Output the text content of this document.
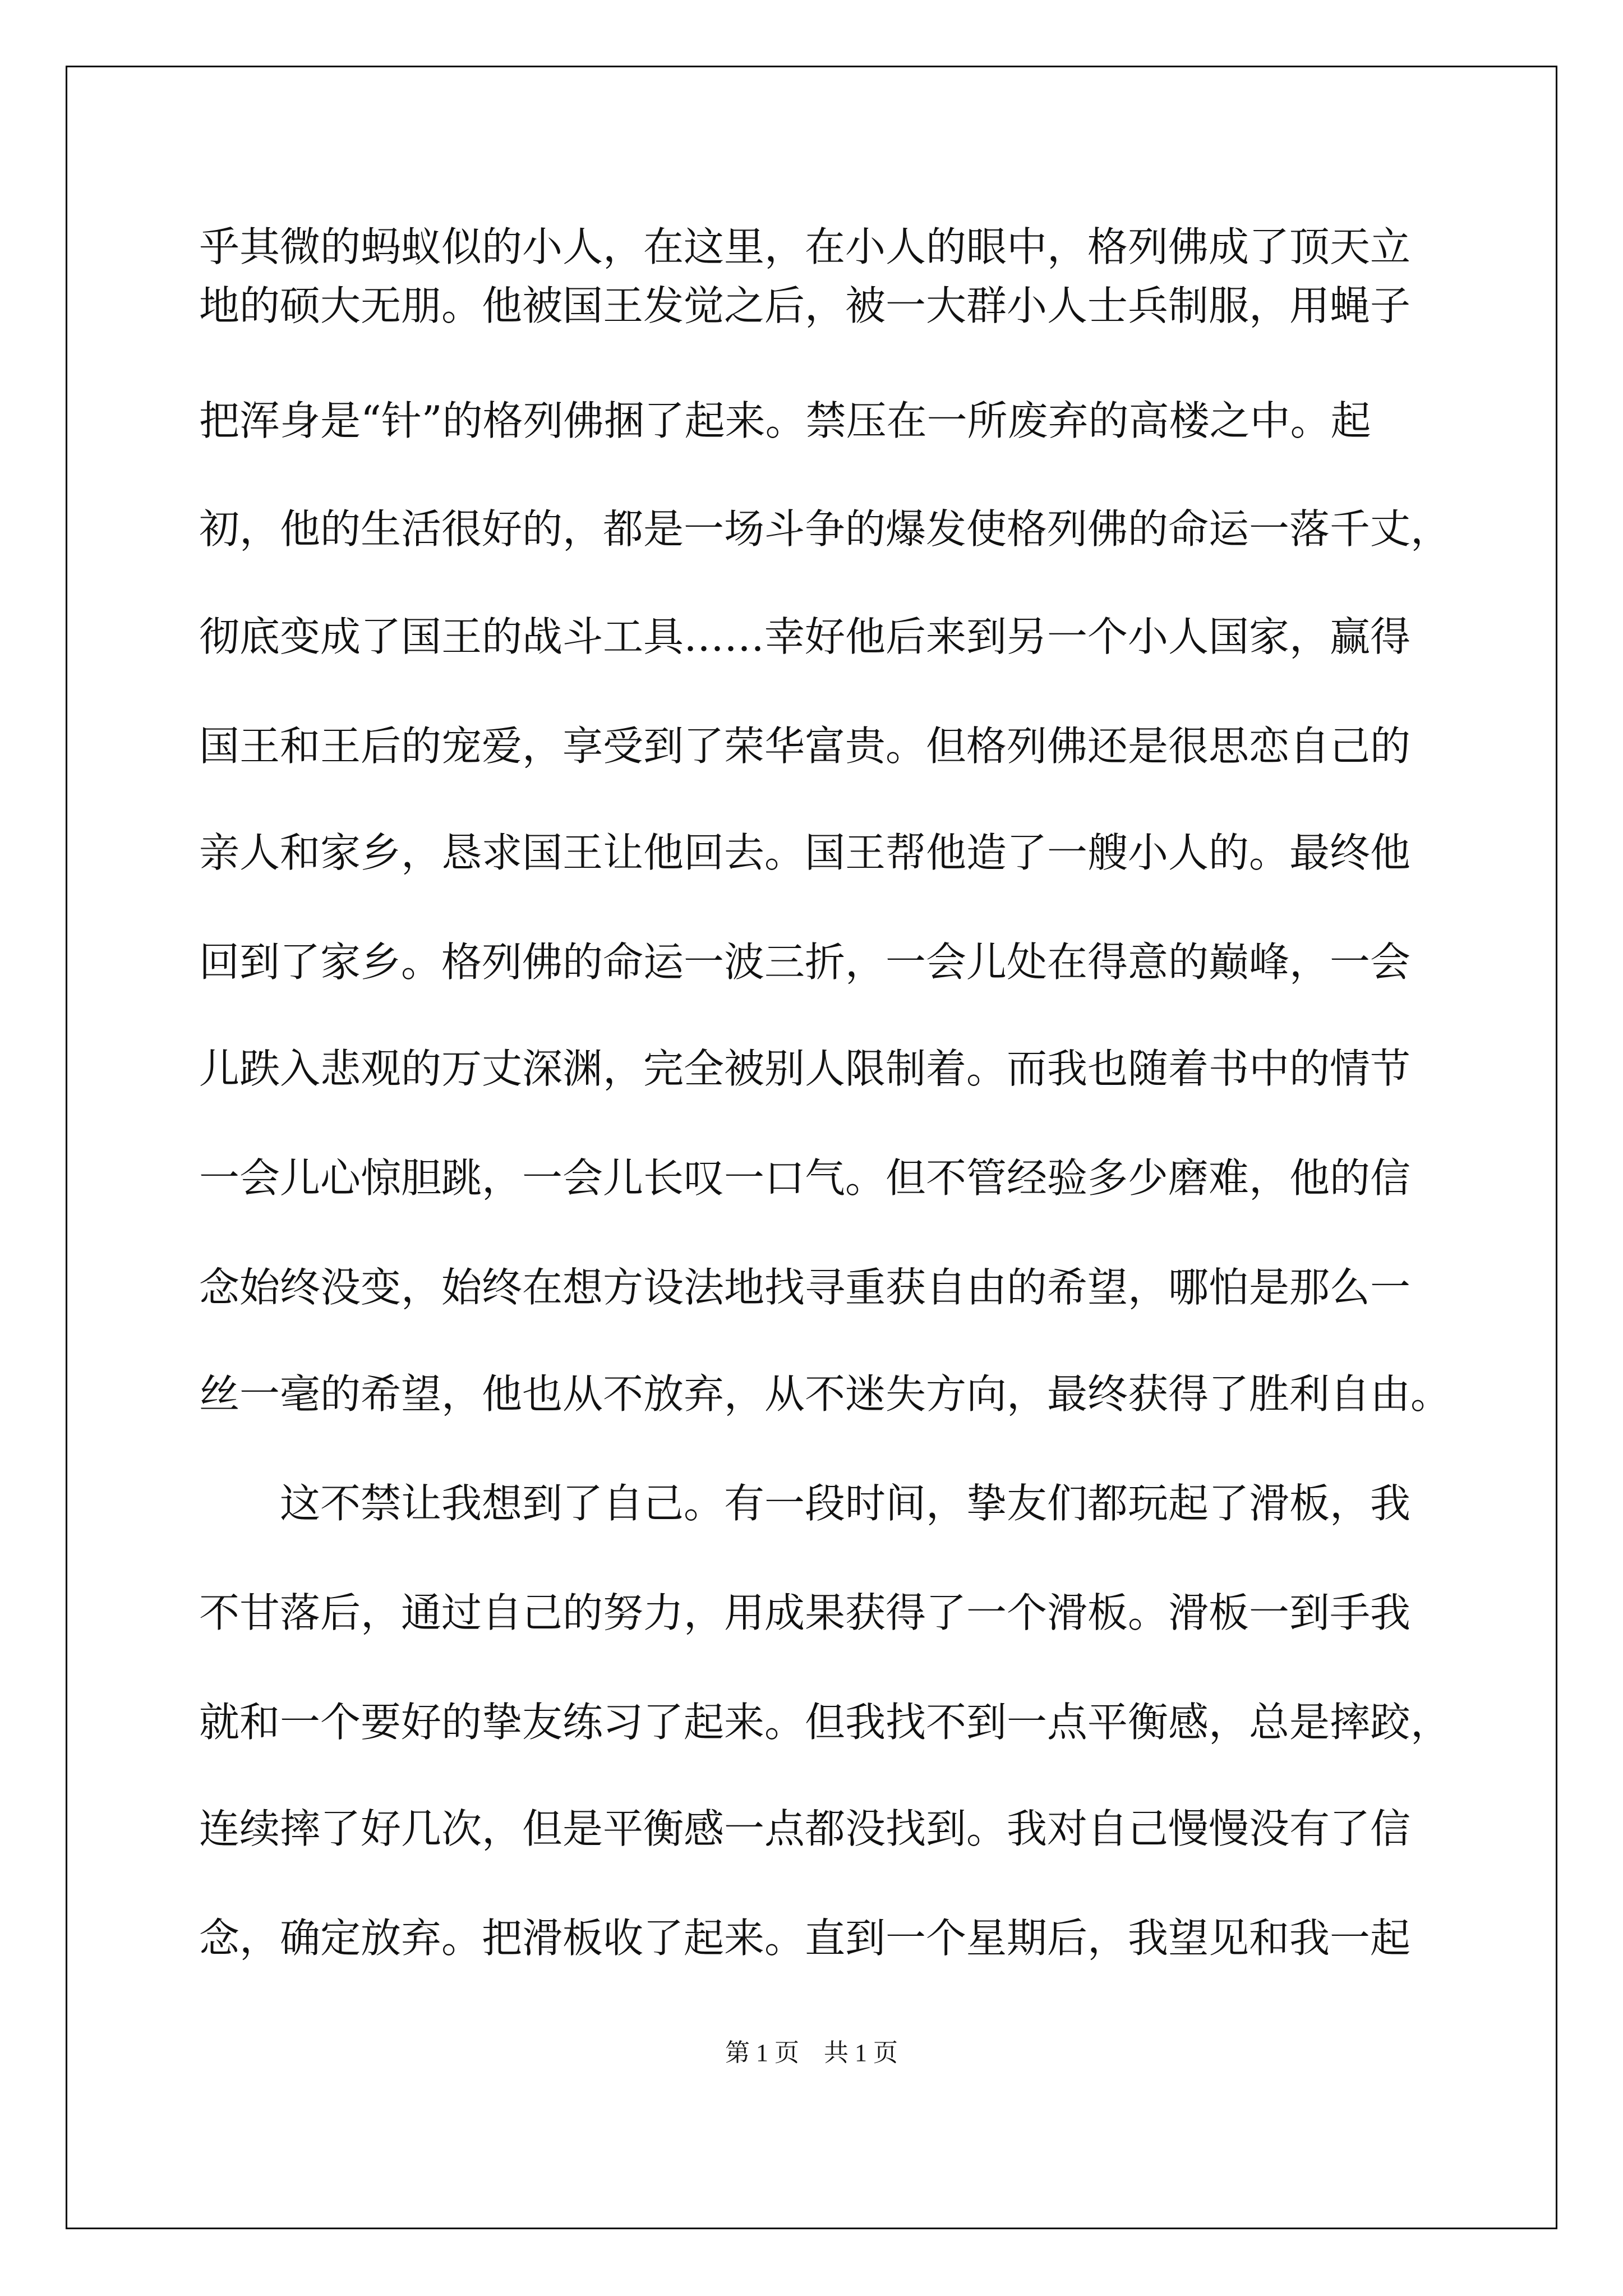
乎其微的蚂蚁似的小人，在这里，在小人的眼中，格列佛成了顶天立
地的硕大无朋。他被国王发觉之后，被一大群小人士兵制服，用蝇子
把浑身是“针”的格列佛捆了起来。禁压在一所废弃的高楼之中。起
初，他的生活很好的，都是一场斗争的爆发使格列佛的命运一落千丈，
彻底变成了国王的战斗工具……幸好他后来到另一个小人国家，赢得
国王和王后的宠爱，享受到了荣华富贵。但格列佛还是很思恋自己的
亲人和家乡，恳求国王让他回去。国王帮他造了一艘小人的。最终他
回到了家乡。格列佛的命运一波三折，一会儿处在得意的巅峰，一会
儿跌入悲观的万丈深渊，完全被别人限制着。而我也随着书中的情节
一会儿心惊胆跳，一会儿长叹一口气。但不管经验多少磨难，他的信
念始终没变，始终在想方设法地找寻重获自由的希望，哪怕是那么一
丝一毫的希望，他也从不放弃，从不迷失方向，最终获得了胜利自由。
　　这不禁让我想到了自己。有一段时间，挚友们都玩起了滑板，我
不甘落后，通过自己的努力，用成果获得了一个滑板。滑板一到手我
就和一个要好的挚友练习了起来。但我找不到一点平衡感，总是摔跤，
连续摔了好几次，但是平衡感一点都没找到。我对自己慢慢没有了信
念，确定放弃。把滑板收了起来。直到一个星期后，我望见和我一起
第 1 页　共 1 页
